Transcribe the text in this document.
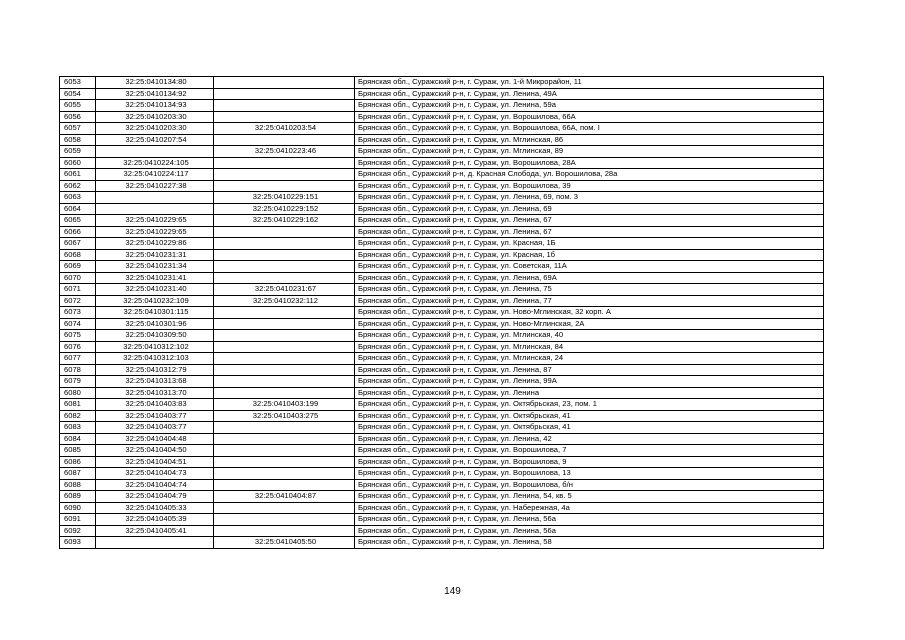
6053	32:25:0410134:80		Брянская обл., Суражский р-н, г. Сураж, ул. 1-й Микрорайон, 11
6054	32:25:0410134:92		Брянская обл., Суражский р-н, г. Сураж, ул. Ленина, 49А
6055	32:25:0410134:93		Брянская обл., Суражский р-н, г. Сураж, ул. Ленина, 59а
6056	32:25:0410203:30		Брянская обл., Суражский р-н, г. Сураж, ул. Ворошилова, 66А
6057	32:25:0410203:30	32:25:0410203:54	Брянская обл., Суражский р-н, г. Сураж, ул. Ворошилова, 66А, пом. I
6058	32:25:0410207:54		Брянская обл., Суражский р-н, г. Сураж, ул. Мглинская, 86
6059		32:25:0410223:46	Брянская обл., Суражский р-н, г. Сураж, ул. Мглинская, 89
6060	32:25:0410224:105		Брянская обл., Суражский р-н, г. Сураж, ул. Ворошилова, 28А
6061	32:25:0410224:117		Брянская обл., Суражский р-н, д. Красная Слобода, ул. Ворошилова, 28а
6062	32:25:0410227:38		Брянская обл., Суражский р-н, г. Сураж, ул. Ворошилова, 39
6063		32:25:0410229:151	Брянская обл., Суражский р-н, г. Сураж, ул. Ленина, 69, пом. 3
6064		32:25:0410229:152	Брянская обл., Суражский р-н, г. Сураж, ул. Ленина, 69
6065	32:25:0410229:65	32:25:0410229:162	Брянская обл., Суражский р-н, г. Сураж, ул. Ленина, 67
6066	32:25:0410229:65		Брянская обл., Суражский р-н, г. Сураж, ул. Ленина, 67
6067	32:25:0410229:86		Брянская обл., Суражский р-н, г. Сураж, ул. Красная, 1Б
6068	32:25:0410231:31		Брянская обл., Суражский р-н, г. Сураж, ул. Красная, 1б
6069	32:25:0410231:34		Брянская обл., Суражский р-н, г. Сураж, ул. Советская, 11А
6070	32:25:0410231:41		Брянская обл., Суражский р-н, г. Сураж, ул. Ленина, 69А
6071	32:25:0410231:40	32:25:0410231:67	Брянская обл., Суражский р-н, г. Сураж, ул. Ленина, 75
6072	32:25:0410232:109	32:25:0410232:112	Брянская обл., Суражский р-н, г. Сураж, ул. Ленина, 77
6073	32:25:0410301:115		Брянская обл., Суражский р-н, г. Сураж, ул. Ново-Мглинская, 32 корп. А
6074	32:25:0410301:96		Брянская обл., Суражский р-н, г. Сураж, ул. Ново-Мглинская, 2А
6075	32:25:0410309:50		Брянская обл., Суражский р-н, г. Сураж, ул. Мглинская, 40
6076	32:25:0410312:102		Брянская обл., Суражский р-н, г. Сураж, ул. Мглинская, 84
6077	32:25:0410312:103		Брянская обл., Суражский р-н, г. Сураж, ул. Мглинская, 24
6078	32:25:0410312:79		Брянская обл., Суражский р-н, г. Сураж, ул. Ленина, 87
6079	32:25:0410313:68		Брянская обл., Суражский р-н, г. Сураж, ул. Ленина, 99А
6080	32:25:0410313:70		Брянская обл., Суражский р-н, г. Сураж, ул. Ленина
6081	32:25:0410403:83	32:25:0410403:199	Брянская обл., Суражский р-н, г. Сураж, ул. Октябрьская, 23, пом. 1
6082	32:25:0410403:77	32:25:0410403:275	Брянская обл., Суражский р-н, г. Сураж, ул. Октябрьская, 41
6083	32:25:0410403:77		Брянская обл., Суражский р-н, г. Сураж, ул. Октябрьская, 41
6084	32:25:0410404:48		Брянская обл., Суражский р-н, г. Сураж, ул. Ленина, 42
6085	32:25:0410404:50		Брянская обл., Суражский р-н, г. Сураж, ул. Ворошилова, 7
6086	32:25:0410404:51		Брянская обл., Суражский р-н, г. Сураж, ул. Ворошилова, 9
6087	32:25:0410404:73		Брянская обл., Суражский р-н, г. Сураж, ул. Ворошилова, 13
6088	32:25:0410404:74		Брянская обл., Суражский р-н, г. Сураж, ул. Ворошилова, б/н
6089	32:25:0410404:79	32:25:0410404:87	Брянская обл., Суражский р-н, г. Сураж, ул. Ленина, 54, кв. 5
6090	32:25:0410405:33		Брянская обл., Суражский р-н, г. Сураж, ул. Набережная, 4а
6091	32:25:0410405:39		Брянская обл., Суражский р-н, г. Сураж, ул. Ленина, 56а
6092	32:25:0410405:41		Брянская обл., Суражский р-н, г. Сураж, ул. Ленина, 56а
6093		32:25:0410405:50	Брянская обл., Суражский р-н, г. Сураж, ул. Ленина, 58
149
